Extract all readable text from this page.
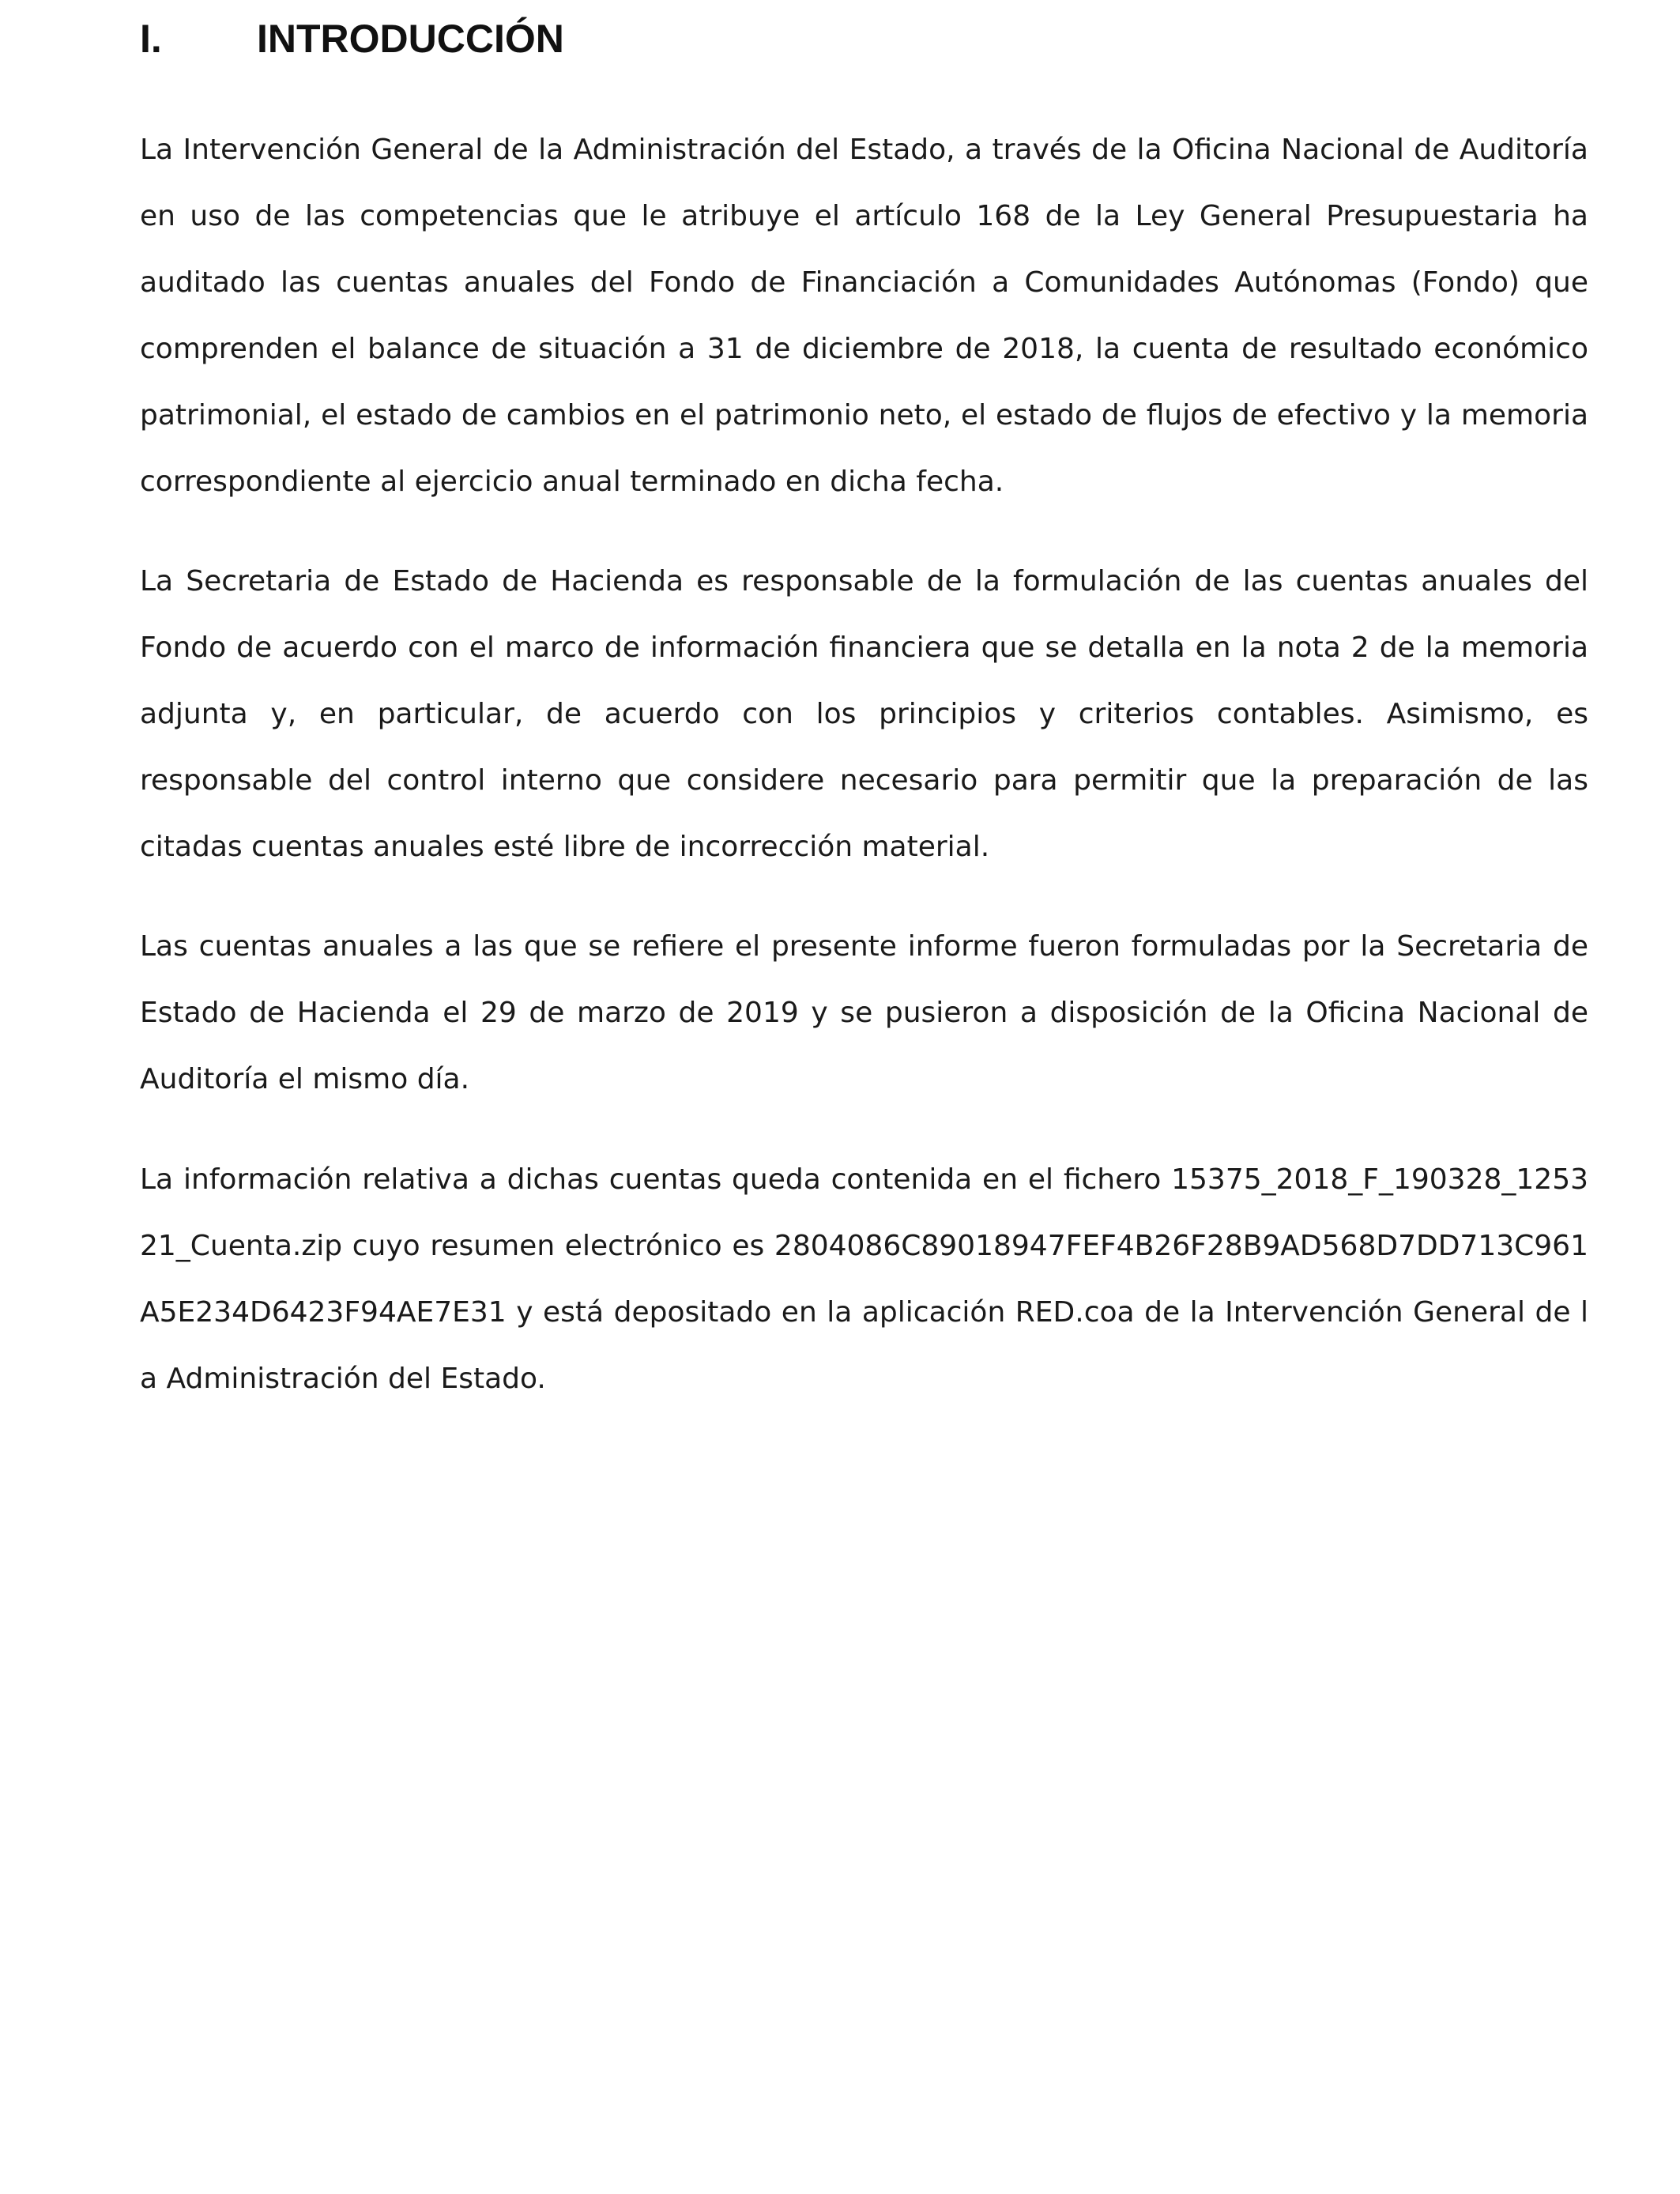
I. INTRODUCCIÓN

La Intervención General de la Administración del Estado, a través de la Oficina Nacional de Auditoría en uso de las competencias que le atribuye el artículo 168 de la Ley General Presupuestaria ha auditado las cuentas anuales del Fondo de Financiación a Comunidades Autónomas (Fondo) que comprenden el balance de situación a 31 de diciembre de 2018, la cuenta de resultado económico patrimonial, el estado de cambios en el patrimonio neto, el estado de flujos de efectivo y la memoria correspondiente al ejercicio anual terminado en dicha fecha.

La Secretaria de Estado de Hacienda es responsable de la formulación de las cuentas anuales del Fondo de acuerdo con el marco de información financiera que se detalla en la nota 2 de la memoria adjunta y, en particular, de acuerdo con los principios y criterios contables. Asimismo, es responsable del control interno que considere necesario para permitir que la preparación de las citadas cuentas anuales esté libre de incorrección material.

Las cuentas anuales a las que se refiere el presente informe fueron formuladas por la Secretaria de Estado de Hacienda el 29 de marzo de 2019 y se pusieron a disposición de la Oficina Nacional de Auditoría el mismo día.

La información relativa a dichas cuentas queda contenida en el fichero 15375_2018_F_190328_125321_Cuenta.zip cuyo resumen electrónico es 2804086C89018947FEF4B26F28B9AD568D7DD713C961A5E234D6423F94AE7E31 y está depositado en la aplicación RED.coa de la Intervención General de la Administración del Estado.
